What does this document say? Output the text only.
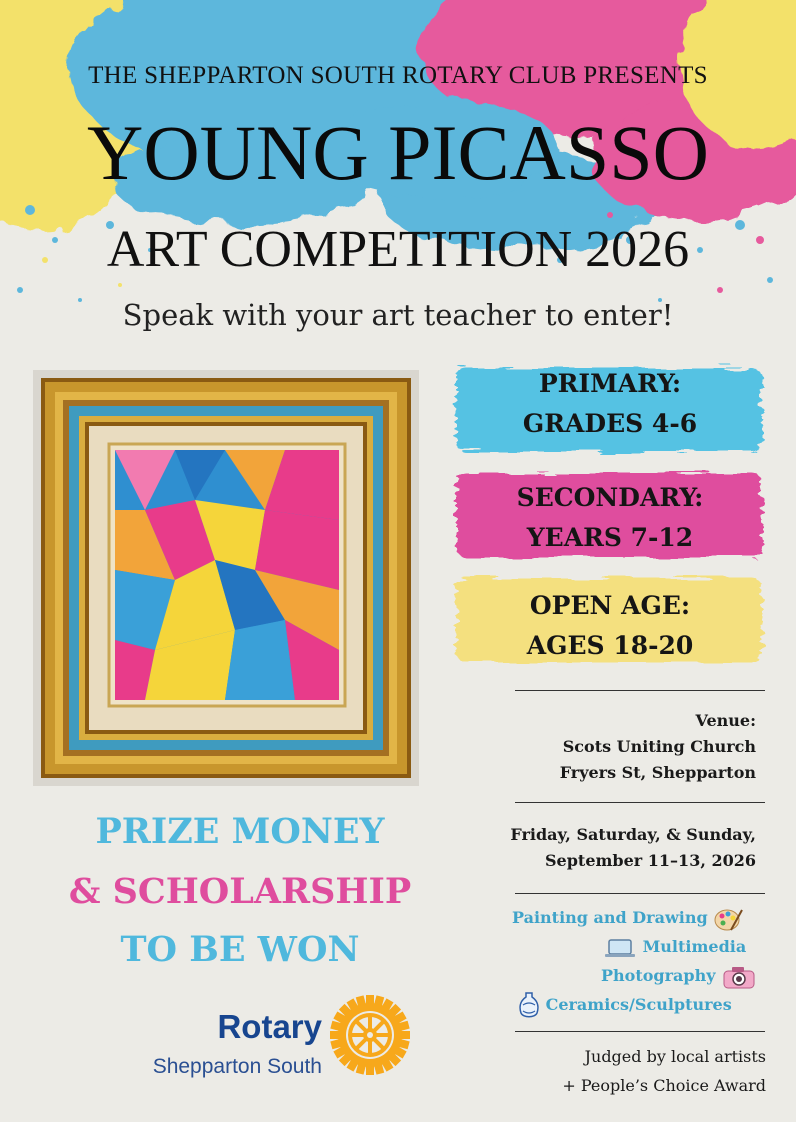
THE SHEPPARTON SOUTH ROTARY CLUB PRESENTS
YOUNG PICASSO
ART COMPETITION 2026
Speak with your art teacher to enter!
PRIMARY:
GRADES 4-6
SECONDARY:
YEARS 7-12
OPEN AGE:
AGES 18-20
Venue:
Scots Uniting Church
Fryers St, Shepparton
Friday, Saturday, & Sunday,
September 11–13, 2026
Painting and Drawing
Multimedia
Photography
Ceramics/Sculptures
Judged by local artists
+ People’s Choice Award
PRIZE MONEY
& SCHOLARSHIP
TO BE WON
Rotary
Shepparton South
